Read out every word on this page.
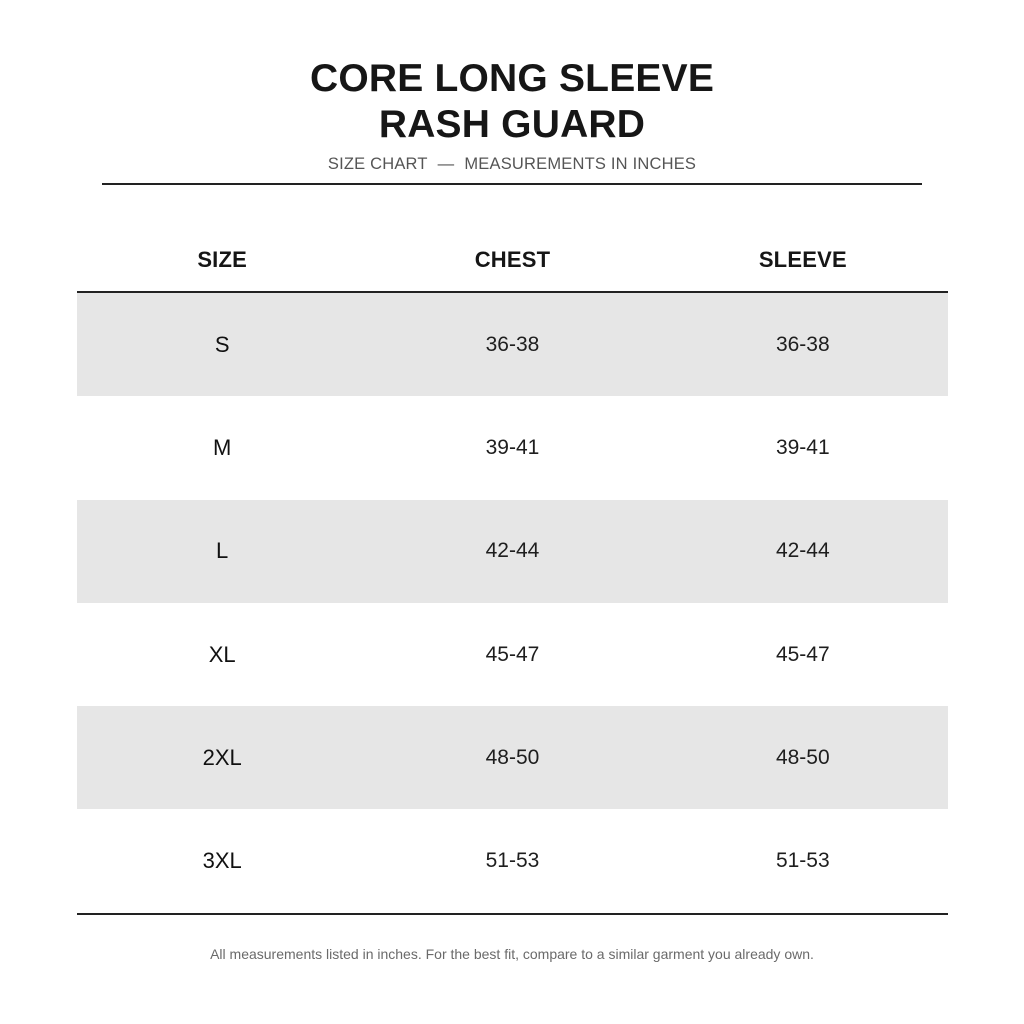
CORE LONG SLEEVE
RASH GUARD
SIZE CHART — MEASUREMENTS IN INCHES
SIZE	CHEST	SLEEVE
S	36-38	36-38
M	39-41	39-41
L	42-44	42-44
XL	45-47	45-47
2XL	48-50	48-50
3XL	51-53	51-53
All measurements listed in inches. For the best fit, compare to a similar garment you already own.
